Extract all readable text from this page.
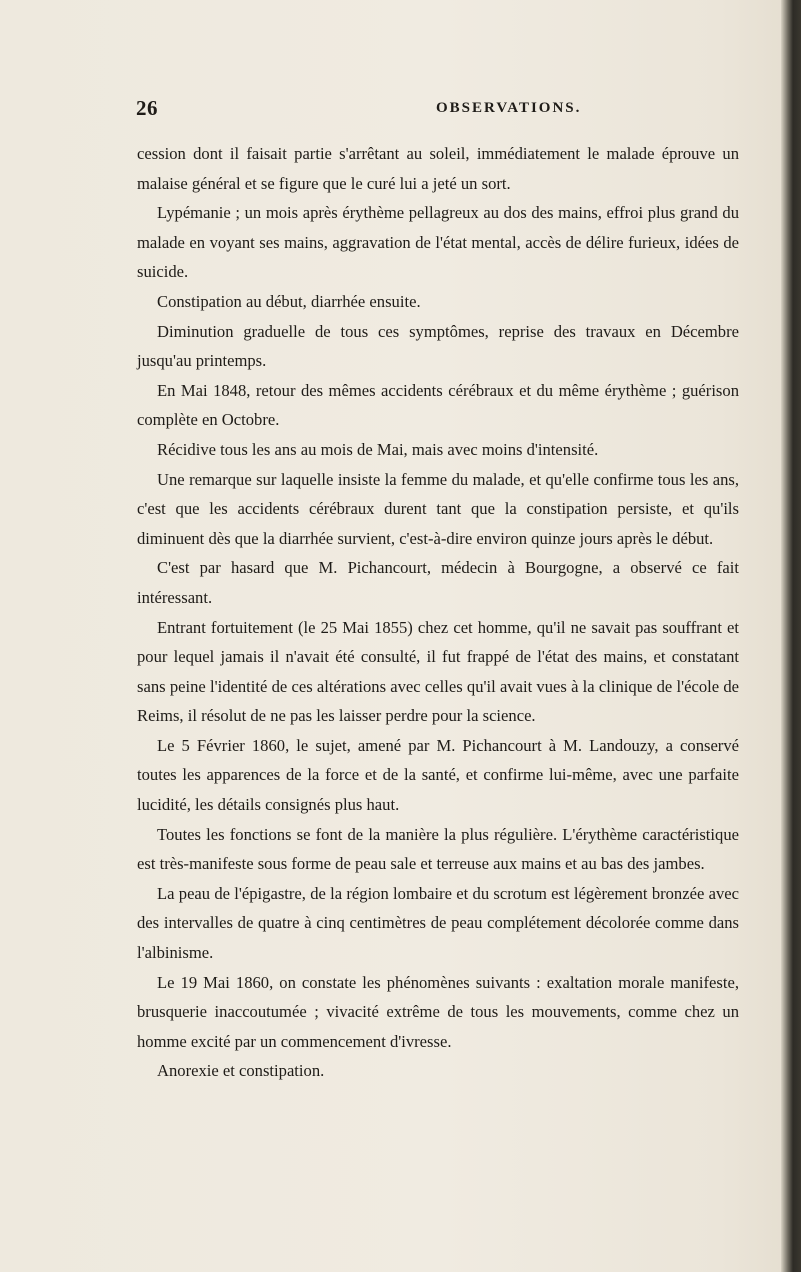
26	OBSERVATIONS.

cession dont il faisait partie s'arrêtant au soleil, immédiatement le malade éprouve un malaise général et se figure que le curé lui a jeté un sort.

Lypémanie ; un mois après érythème pellagreux au dos des mains, effroi plus grand du malade en voyant ses mains, aggravation de l'état mental, accès de délire furieux, idées de suicide.

Constipation au début, diarrhée ensuite.

Diminution graduelle de tous ces symptômes, reprise des travaux en Décembre jusqu'au printemps.

En Mai 1848, retour des mêmes accidents cérébraux et du même érythème ; guérison complète en Octobre.

Récidive tous les ans au mois de Mai, mais avec moins d'intensité.

Une remarque sur laquelle insiste la femme du malade, et qu'elle confirme tous les ans, c'est que les accidents cérébraux durent tant que la constipation persiste, et qu'ils diminuent dès que la diarrhée survient, c'est-à-dire environ quinze jours après le début.

C'est par hasard que M. Pichancourt, médecin à Bourgogne, a observé ce fait intéressant.

Entrant fortuitement (le 25 Mai 1855) chez cet homme, qu'il ne savait pas souffrant et pour lequel jamais il n'avait été consulté, il fut frappé de l'état des mains, et constatant sans peine l'identité de ces altérations avec celles qu'il avait vues à la clinique de l'école de Reims, il résolut de ne pas les laisser perdre pour la science.

Le 5 Février 1860, le sujet, amené par M. Pichancourt à M. Landouzy, a conservé toutes les apparences de la force et de la santé, et confirme lui-même, avec une parfaite lucidité, les détails consignés plus haut.

Toutes les fonctions se font de la manière la plus régulière. L'érythème caractéristique est très-manifeste sous forme de peau sale et terreuse aux mains et au bas des jambes.

La peau de l'épigastre, de la région lombaire et du scrotum est légèrement bronzée avec des intervalles de quatre à cinq centimètres de peau complétement décolorée comme dans l'albinisme.

Le 19 Mai 1860, on constate les phénomènes suivants : exaltation morale manifeste, brusquerie inaccoutumée ; vivacité extrême de tous les mouvements, comme chez un homme excité par un commencement d'ivresse.

Anorexie et constipation.
